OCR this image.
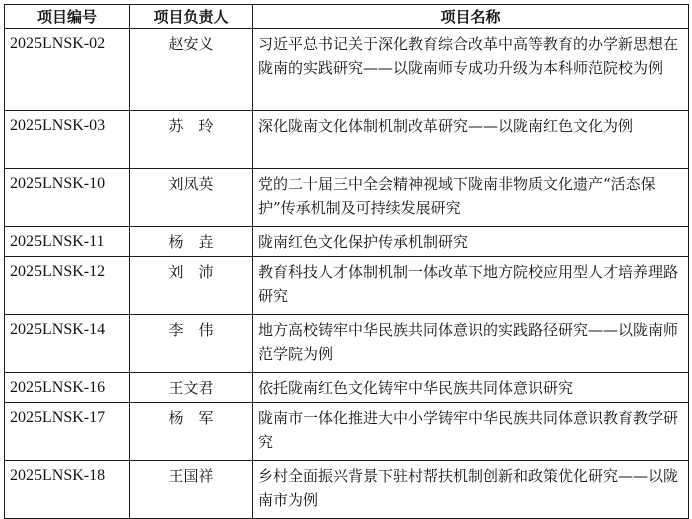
项目编号	项目负责人	项目名称
2025LNSK-02	赵安义	习近平总书记关于深化教育综合改革中高等教育的办学新思想在陇南的实践研究——以陇南师专成功升级为本科师范院校为例
2025LNSK-03	苏　玲	深化陇南文化体制机制改革研究——以陇南红色文化为例
2025LNSK-10	刘凤英	党的二十届三中全会精神视域下陇南非物质文化遗产“活态保护”传承机制及可持续发展研究
2025LNSK-11	杨　垚	陇南红色文化保护传承机制研究
2025LNSK-12	刘　沛	教育科技人才体制机制一体改革下地方院校应用型人才培养理路研究
2025LNSK-14	李　伟	地方高校铸牢中华民族共同体意识的实践路径研究——以陇南师范学院为例
2025LNSK-16	王文君	依托陇南红色文化铸牢中华民族共同体意识研究
2025LNSK-17	杨　军	陇南市一体化推进大中小学铸牢中华民族共同体意识教育教学研究
2025LNSK-18	王国祥	乡村全面振兴背景下驻村帮扶机制创新和政策优化研究——以陇南市为例
